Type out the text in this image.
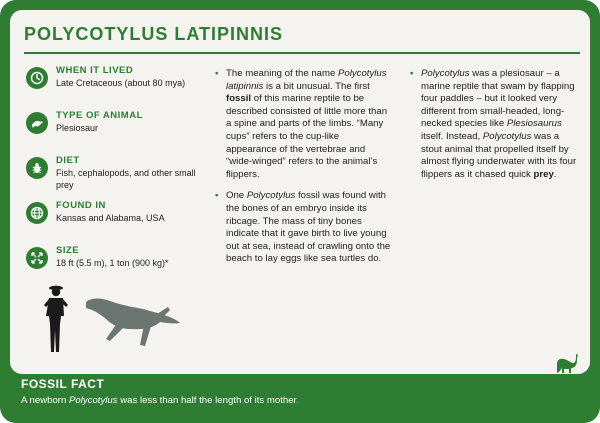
POLYCOTYLUS LATIPINNIS
WHEN IT LIVED
Late Cretaceous (about 80 mya)
TYPE OF ANIMAL
Plesiosaur
DIET
Fish, cephalopods, and other small prey
FOUND IN
Kansas and Alabama, USA
SIZE
18 ft (5.5 m), 1 ton (900 kg)*

• The meaning of the name Polycotylus latipinnis is a bit unusual. The first fossil of this marine reptile to be described consisted of little more than a spine and parts of the limbs. “Many cups” refers to the cup-like appearance of the vertebrae and “wide-winged” refers to the animal’s flippers.

• One Polycotylus fossil was found with the bones of an embryo inside its ribcage. The mass of tiny bones indicate that it gave birth to live young out at sea, instead of crawling onto the beach to lay eggs like sea turtles do.

• Polycotylus was a plesiosaur – a marine reptile that swam by flapping four paddles – but it looked very different from small-headed, long-necked species like Plesiosaurus itself. Instead, Polycotylus was a stout animal that propelled itself by almost flying underwater with its four flippers as it chased quick prey.

FOSSIL FACT
A newborn Polycotylus was less than half the length of its mother.
